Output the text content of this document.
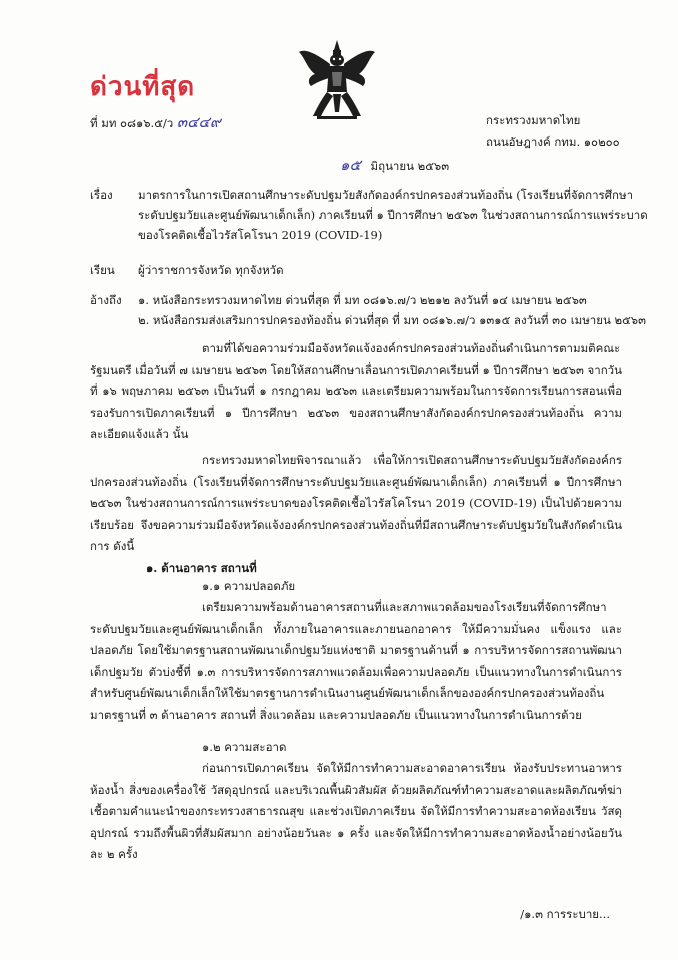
ด่วนที่สุด
ที่ มท ๐๘๑๖.๕/ว ๓๔๔๙	กระทรวงมหาดไทย
ถนนอัษฎางค์ กทม. ๑๐๒๐๐
๑๕ มิถุนายน ๒๕๖๓
เรื่อง มาตรการในการเปิดสถานศึกษาระดับปฐมวัยสังกัดองค์กรปกครองส่วนท้องถิ่น (โรงเรียนที่จัดการศึกษา
ระดับปฐมวัยและศูนย์พัฒนาเด็กเล็ก) ภาคเรียนที่ ๑ ปีการศึกษา ๒๕๖๓ ในช่วงสถานการณ์การแพร่ระบาด
ของโรคติดเชื้อไวรัสโคโรนา 2019 (COVID-19)
เรียน ผู้ว่าราชการจังหวัด ทุกจังหวัด
อ้างถึง ๑. หนังสือกระทรวงมหาดไทย ด่วนที่สุด ที่ มท ๐๘๑๖.๗/ว ๒๒๑๒ ลงวันที่ ๑๔ เมษายน ๒๕๖๓
๒. หนังสือกรมส่งเสริมการปกครองท้องถิ่น ด่วนที่สุด ที่ มท ๐๘๑๖.๗/ว ๑๓๑๕ ลงวันที่ ๓๐ เมษายน ๒๕๖๓
ตามที่ได้ขอความร่วมมือจังหวัดแจ้งองค์กรปกครองส่วนท้องถิ่นดำเนินการตามมติคณะรัฐมนตรี เมื่อวันที่ ๗ เมษายน ๒๕๖๓ โดยให้สถานศึกษาเลื่อนการเปิดภาคเรียนที่ ๑ ปีการศึกษา ๒๕๖๓ จากวันที่ ๑๖ พฤษภาคม ๒๕๖๓ เป็นวันที่ ๑ กรกฎาคม ๒๕๖๓ และเตรียมความพร้อมในการจัดการเรียนการสอนเพื่อรองรับการเปิดภาคเรียนที่ ๑ ปีการศึกษา ๒๕๖๓ ของสถานศึกษาสังกัดองค์กรปกครองส่วนท้องถิ่น ความละเอียดแจ้งแล้ว นั้น
กระทรวงมหาดไทยพิจารณาแล้ว เพื่อให้การเปิดสถานศึกษาระดับปฐมวัยสังกัดองค์กรปกครองส่วนท้องถิ่น (โรงเรียนที่จัดการศึกษาระดับปฐมวัยและศูนย์พัฒนาเด็กเล็ก) ภาคเรียนที่ ๑ ปีการศึกษา ๒๕๖๓ ในช่วงสถานการณ์การแพร่ระบาดของโรคติดเชื้อไวรัสโคโรนา 2019 (COVID-19) เป็นไปด้วยความเรียบร้อย จึงขอความร่วมมือจังหวัดแจ้งองค์กรปกครองส่วนท้องถิ่นที่มีสถานศึกษาระดับปฐมวัยในสังกัดดำเนินการ ดังนี้
๑. ด้านอาคาร สถานที่
๑.๑ ความปลอดภัย
เตรียมความพร้อมด้านอาคารสถานที่และสภาพแวดล้อมของโรงเรียนที่จัดการศึกษาระดับปฐมวัยและศูนย์พัฒนาเด็กเล็ก ทั้งภายในอาคารและภายนอกอาคาร ให้มีความมั่นคง แข็งแรง และปลอดภัย โดยใช้มาตรฐานสถานพัฒนาเด็กปฐมวัยแห่งชาติ มาตรฐานด้านที่ ๑ การบริหารจัดการสถานพัฒนาเด็กปฐมวัย ตัวบ่งชี้ที่ ๑.๓ การบริหารจัดการสภาพแวดล้อมเพื่อความปลอดภัย เป็นแนวทางในการดำเนินการ สำหรับศูนย์พัฒนาเด็กเล็กให้ใช้มาตรฐานการดำเนินงานศูนย์พัฒนาเด็กเล็กขององค์กรปกครองส่วนท้องถิ่น มาตรฐานที่ ๓ ด้านอาคาร สถานที่ สิ่งแวดล้อม และความปลอดภัย เป็นแนวทางในการดำเนินการด้วย
๑.๒ ความสะอาด
ก่อนการเปิดภาคเรียน จัดให้มีการทำความสะอาดอาคารเรียน ห้องรับประทานอาหาร ห้องน้ำ สิ่งของเครื่องใช้ วัสดุอุปกรณ์ และบริเวณพื้นผิวสัมผัส ด้วยผลิตภัณฑ์ทำความสะอาดและผลิตภัณฑ์ฆ่าเชื้อตามคำแนะนำของกระทรวงสาธารณสุข และช่วงเปิดภาคเรียน จัดให้มีการทำความสะอาดห้องเรียน วัสดุอุปกรณ์ รวมถึงพื้นผิวที่สัมผัสมาก อย่างน้อยวันละ ๑ ครั้ง และจัดให้มีการทำความสะอาดห้องน้ำอย่างน้อยวันละ ๒ ครั้ง
/๑.๓ การระบาย...
